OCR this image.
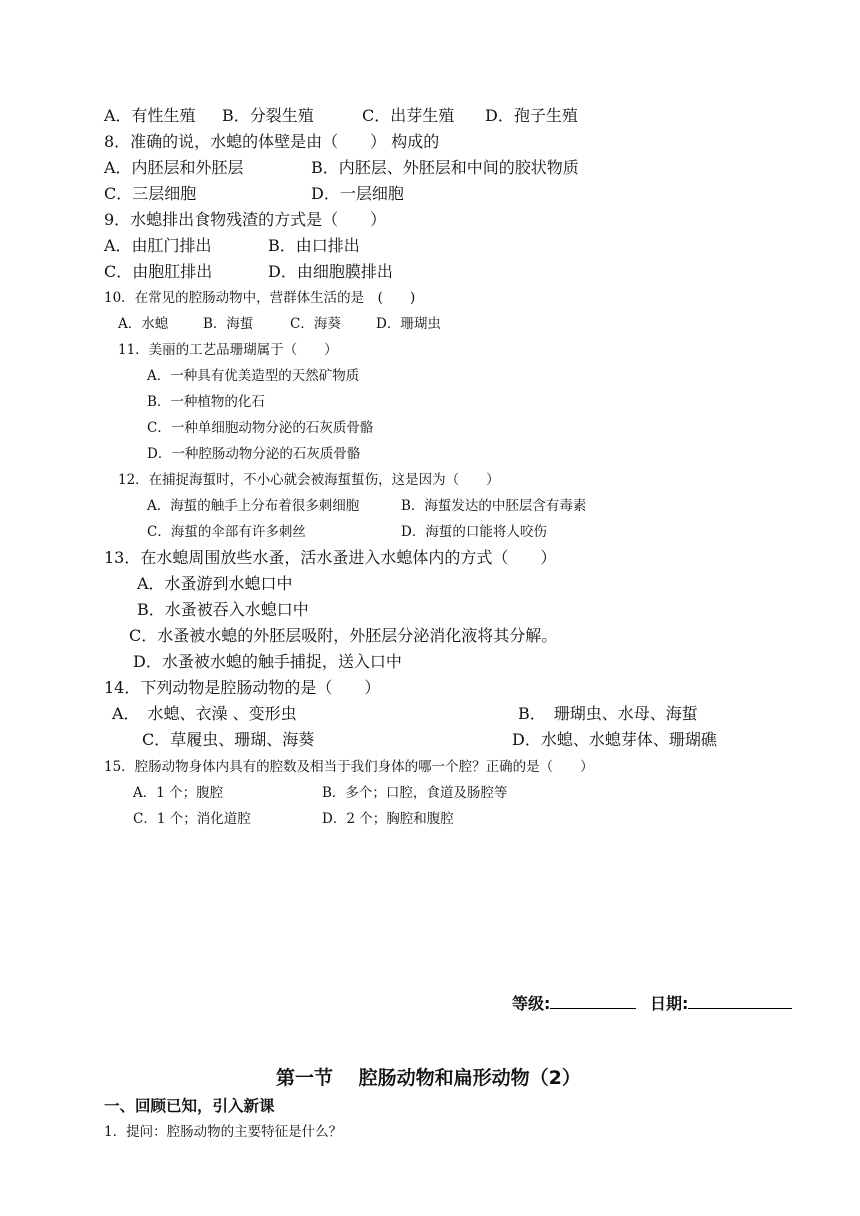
A．有性生殖 B．分裂生殖	C．出芽生殖 D．孢子生殖
8．准确的说，水螅的体壁是由（　　） 构成的
A．内胚层和外胚层	B．内胚层、外胚层和中间的胶状物质
C．三层细胞	D．一层细胞
9．水螅排出食物残渣的方式是（　　）
A．由肛门排出	B．由口排出
C．由胞肛排出	D．由细胞膜排出
10．在常见的腔肠动物中，营群体生活的是　(　　)
A．水螅	B．海蜇	C．海葵	D．珊瑚虫
11．美丽的工艺品珊瑚属于（　　）
A．一种具有优美造型的天然矿物质
B．一种植物的化石
C．一种单细胞动物分泌的石灰质骨骼
D．一种腔肠动物分泌的石灰质骨骼
12．在捕捉海蜇时，不小心就会被海蜇蜇伤，这是因为（　　）
A．海蜇的触手上分布着很多刺细胞	B．海蜇发达的中胚层含有毒素
C．海蜇的伞部有许多刺丝	D．海蜇的口能将人咬伤
13．在水螅周围放些水蚤，活水蚤进入水螅体内的方式（　　）
A．水蚤游到水螅口中
B．水蚤被吞入水螅口中
C．水蚤被水螅的外胚层吸附，外胚层分泌消化液将其分解。
D．水蚤被水螅的触手捕捉，送入口中
14．下列动物是腔肠动物的是（　　）
A．　水螅、衣澡 、变形虫	B．　珊瑚虫、水母、海蜇
C．草履虫、珊瑚、海葵	D．水螅、水螅芽体、珊瑚礁
15．腔肠动物身体内具有的腔数及相当于我们身体的哪一个腔？正确的是（　　）
A．1 个；腹腔	B．多个；口腔，食道及肠腔等
C．1 个；消化道腔	D．2 个；胸腔和腹腔
等级:	日期:
第一节　 腔肠动物和扁形动物（2）
一、回顾已知，引入新课
1．提问：腔肠动物的主要特征是什么？
